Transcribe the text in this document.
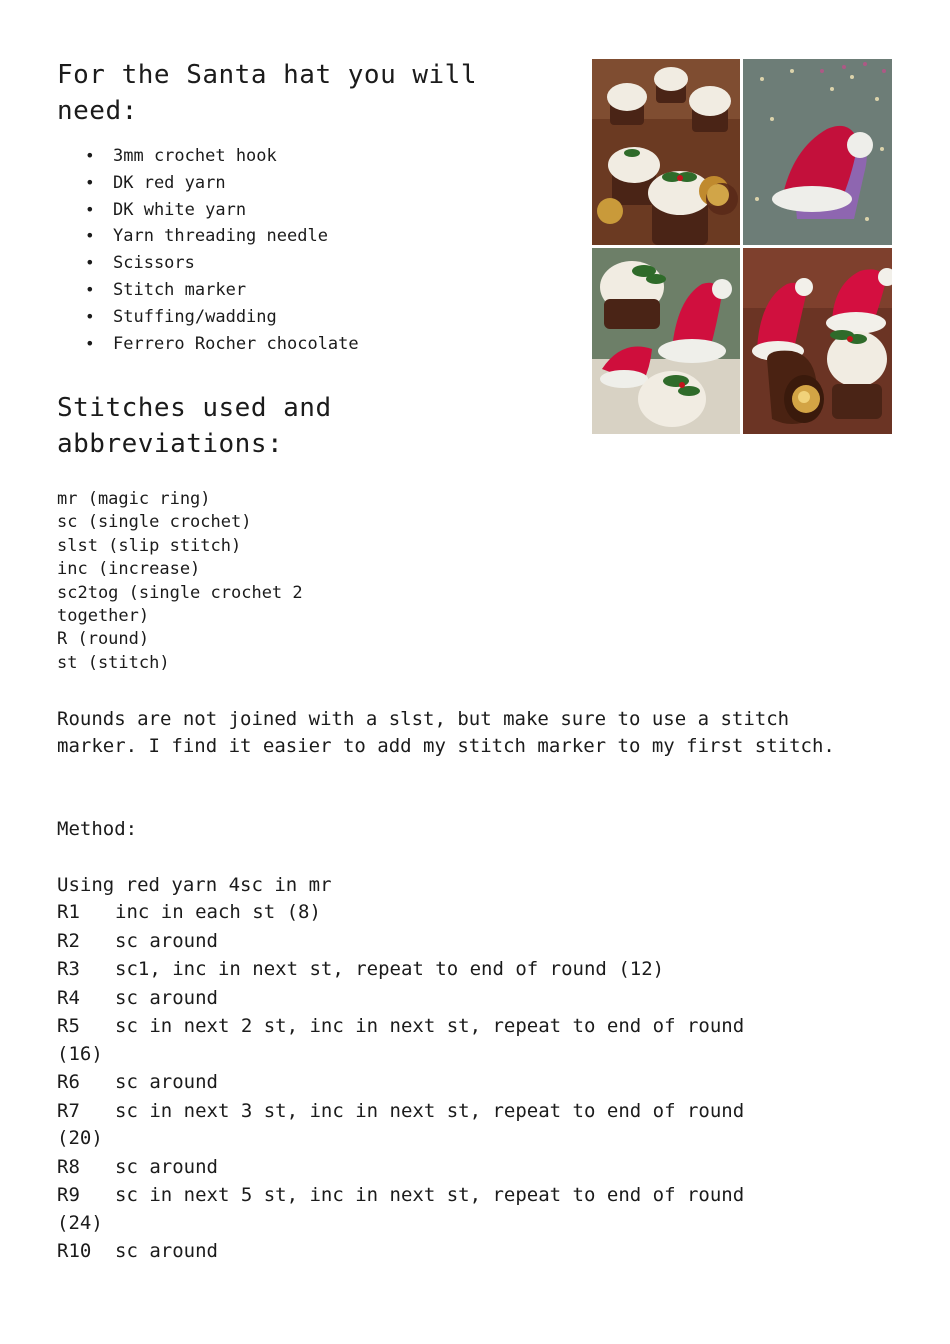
For the Santa hat you will need:
• 3mm crochet hook
• DK red yarn
• DK white yarn
• Yarn threading needle
• Scissors
• Stitch marker
• Stuffing/wadding
• Ferrero Rocher chocolate
Stitches used and abbreviations:
mr (magic ring)
sc (single crochet)
slst (slip stitch)
inc (increase)
sc2tog (single crochet 2 together)
R (round)
st (stitch)

Rounds are not joined with a slst, but make sure to use a stitch marker. I find it easier to add my stitch marker to my first stitch.

Method:

Using red yarn 4sc in mr

R1 inc in each st (8)
R2 sc around
R3 sc1, inc in next st, repeat to end of round (12)
R4 sc around
R5 sc in next 2 st, inc in next st, repeat to end of round
(16)
R6 sc around
R7 sc in next 3 st, inc in next st, repeat to end of round
(20)
R8 sc around
R9 sc in next 5 st, inc in next st, repeat to end of round
(24)
R10 sc around
